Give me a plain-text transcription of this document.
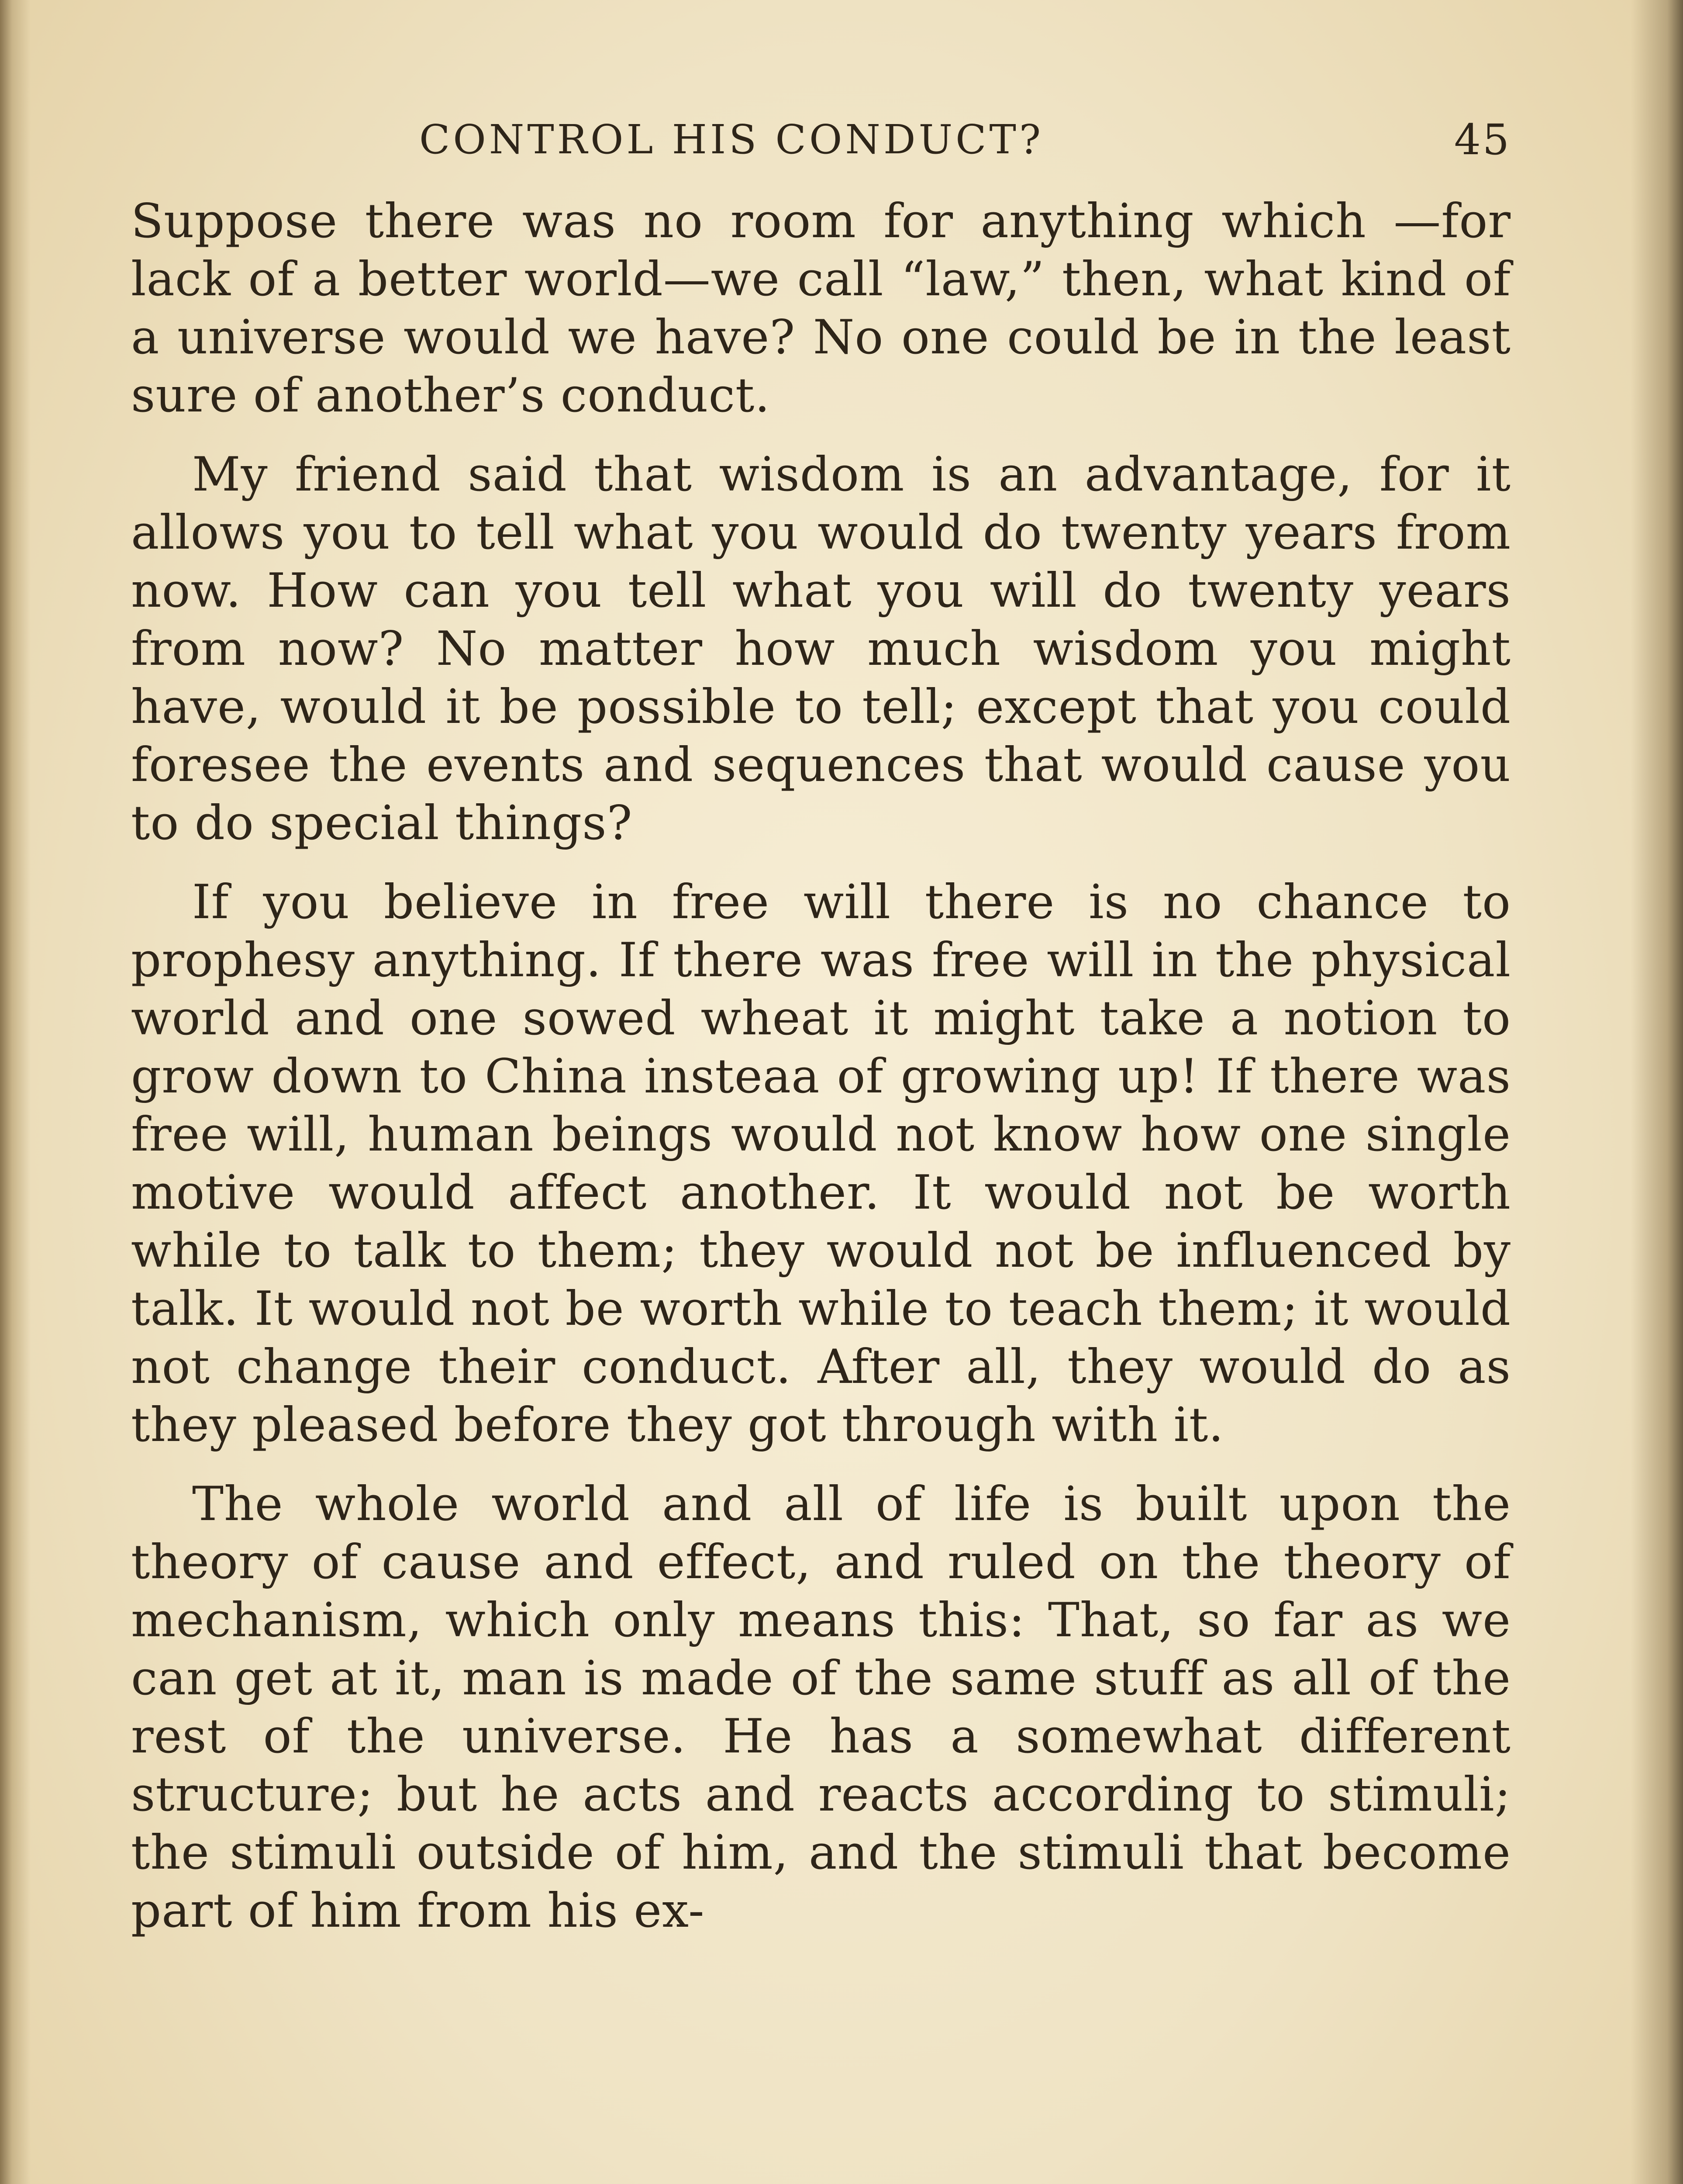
CONTROL HIS CONDUCT?	45

Suppose there was no room for anything which —for lack of a better world—we call “law,” then, what kind of a universe would we have? No one could be in the least sure of another’s conduct.

My friend said that wisdom is an advantage, for it allows you to tell what you would do twenty years from now. How can you tell what you will do twenty years from now? No matter how much wisdom you might have, would it be possible to tell; except that you could foresee the events and sequences that would cause you to do special things?

If you believe in free will there is no chance to prophesy anything. If there was free will in the physical world and one sowed wheat it might take a notion to grow down to China insteaa of growing up! If there was free will, human beings would not know how one single motive would affect another. It would not be worth while to talk to them; they would not be influenced by talk. It would not be worth while to teach them; it would not change their conduct. After all, they would do as they pleased before they got through with it.

The whole world and all of life is built upon the theory of cause and effect, and ruled on the theory of mechanism, which only means this: That, so far as we can get at it, man is made of the same stuff as all of the rest of the universe. He has a somewhat different structure; but he acts and reacts according to stimuli; the stimuli outside of him, and the stimuli that become part of him from his ex-
